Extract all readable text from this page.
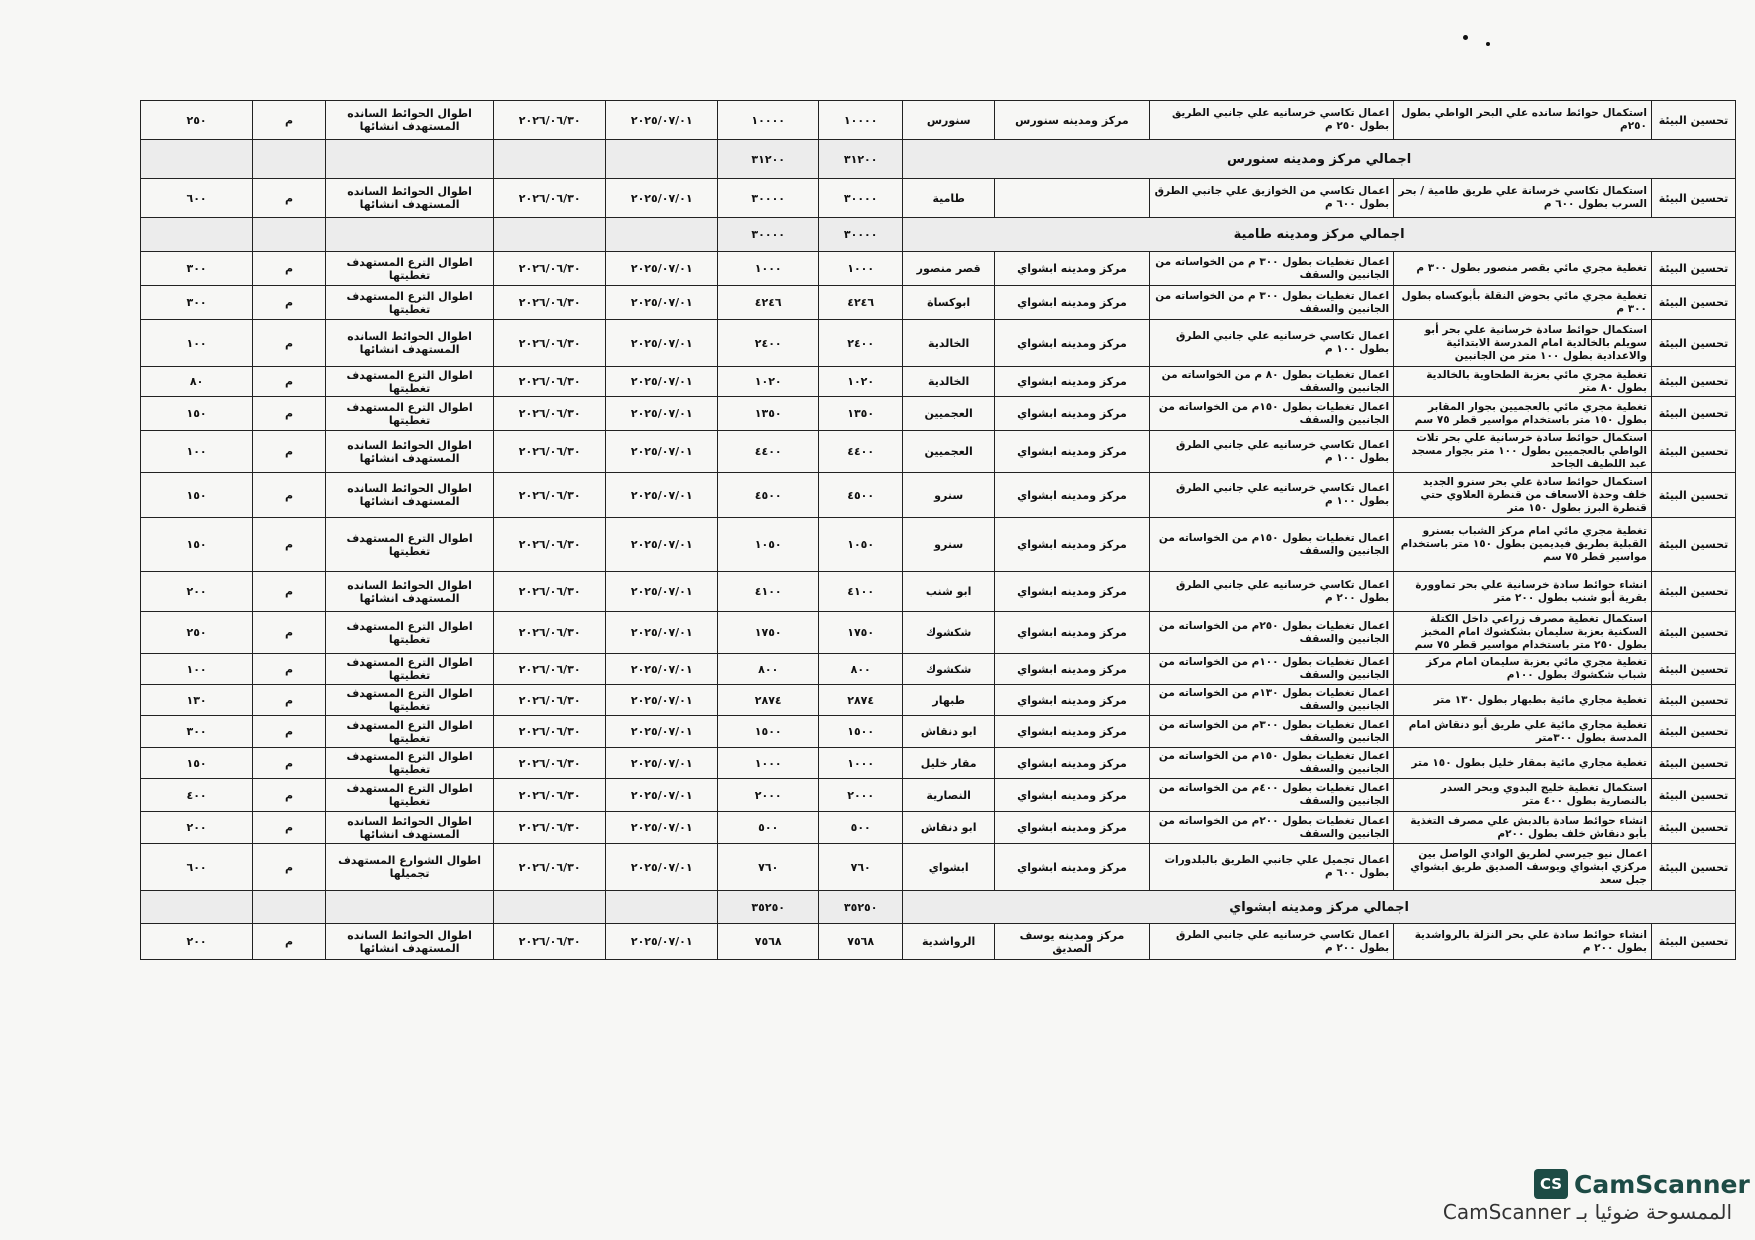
تحسين البيئة	استكمال حوائط سانده علي البحر الواطي بطول ٢٥٠م	اعمال تكاسي خرسانيه علي جانبي الطريق بطول ٢٥٠ م	مركز ومدينه سنورس	سنورس	١٠٠٠٠	١٠٠٠٠	٢٠٢٥/٠٧/٠١	٢٠٢٦/٠٦/٣٠	اطوال الحوائط السانده المستهدف انشائها	م	٢٥٠
اجمالي مركز ومدينه سنورس					٣١٢٠٠	٣١٢٠٠					
تحسين البيئة	استكمال تكاسي خرسانة علي طريق طامية / بحر السرب بطول ٦٠٠ م	اعمال تكاسي من الخوازيق علي جانبي الطرق بطول ٦٠٠ م		طامية	٣٠٠٠٠	٣٠٠٠٠	٢٠٢٥/٠٧/٠١	٢٠٢٦/٠٦/٣٠	اطوال الحوائط السانده المستهدف انشائها	م	٦٠٠
اجمالي مركز ومدينه طامية					٣٠٠٠٠	٣٠٠٠٠					
تحسين البيئة	تغطية مجري مائي بقصر منصور بطول ٣٠٠ م	اعمال تغطيات بطول ٣٠٠ م من الخواساته من الجانبين والسقف	مركز ومدينه ابشواي	قصر منصور	١٠٠٠	١٠٠٠	٢٠٢٥/٠٧/٠١	٢٠٢٦/٠٦/٣٠	اطوال الترع المستهدف تغطيتها	م	٣٠٠
تحسين البيئة	تغطية مجري مائي بحوض النقلة بأبوكساه بطول ٣٠٠ م	اعمال تغطيات بطول ٣٠٠ م من الخواساته من الجانبين والسقف	مركز ومدينه ابشواي	ابوكساة	٤٢٤٦	٤٢٤٦	٢٠٢٥/٠٧/٠١	٢٠٢٦/٠٦/٣٠	اطوال الترع المستهدف تغطيتها	م	٣٠٠
تحسين البيئة	استكمال حوائط سادة خرسانية علي بحر أبو سويلم بالخالدية امام المدرسة الابتدائية والاعدادية بطول ١٠٠ متر من الجانبين	اعمال تكاسي خرسانيه علي جانبي الطرق بطول ١٠٠ م	مركز ومدينه ابشواي	الخالدية	٢٤٠٠	٢٤٠٠	٢٠٢٥/٠٧/٠١	٢٠٢٦/٠٦/٣٠	اطوال الحوائط السانده المستهدف انشائها	م	١٠٠
تحسين البيئة	تغطية مجري مائي بعزبة الطحاوية بالخالدية بطول ٨٠ متر	اعمال تغطيات بطول ٨٠ م من الخواساته من الجانبين والسقف	مركز ومدينه ابشواي	الخالدية	١٠٢٠	١٠٢٠	٢٠٢٥/٠٧/٠١	٢٠٢٦/٠٦/٣٠	اطوال الترع المستهدف تغطيتها	م	٨٠
تحسين البيئة	تغطية مجري مائي بالعجميين بجوار المقابر بطول ١٥٠ متر باستخدام مواسير قطر ٧٥ سم	اعمال تغطيات بطول ١٥٠م من الخواساته من الجانبين والسقف	مركز ومدينه ابشواي	العجميين	١٣٥٠	١٣٥٠	٢٠٢٥/٠٧/٠١	٢٠٢٦/٠٦/٣٠	اطوال الترع المستهدف تغطيتها	م	١٥٠
تحسين البيئة	استكمال حوائط سادة خرسانية علي بحر تلات الواطي بالعجميين بطول ١٠٠ متر بجوار مسجد عبد اللطيف الجاحد	اعمال تكاسي خرسانيه علي جانبي الطرق بطول ١٠٠ م	مركز ومدينه ابشواي	العجميين	٤٤٠٠	٤٤٠٠	٢٠٢٥/٠٧/٠١	٢٠٢٦/٠٦/٣٠	اطوال الحوائط السانده المستهدف انشائها	م	١٠٠
تحسين البيئة	استكمال حوائط سادة علي بحر سنرو الجديد خلف وحدة الاسعاف من قنطرة العلاوي حتي قنطرة البرز بطول ١٥٠ متر	اعمال تكاسي خرسانيه علي جانبي الطرق بطول ١٠٠ م	مركز ومدينه ابشواي	سنرو	٤٥٠٠	٤٥٠٠	٢٠٢٥/٠٧/٠١	٢٠٢٦/٠٦/٣٠	اطوال الحوائط السانده المستهدف انشائها	م	١٥٠
تحسين البيئة	تغطية مجري مائي امام مركز الشباب بسنرو القبلية بطريق فيديمين بطول ١٥٠ متر باستخدام مواسير قطر ٧٥ سم	اعمال تغطيات بطول ١٥٠م من الخواساته من الجانبين والسقف	مركز ومدينه ابشواي	سنرو	١٠٥٠	١٠٥٠	٢٠٢٥/٠٧/٠١	٢٠٢٦/٠٦/٣٠	اطوال الترع المستهدف تغطيتها	م	١٥٠
تحسين البيئة	انشاء حوائط سادة خرسانية علي بحر تماوورة بقرية أبو شنب بطول ٢٠٠ متر	اعمال تكاسي خرسانيه علي جانبي الطرق بطول ٢٠٠ م	مركز ومدينه ابشواي	ابو شنب	٤١٠٠	٤١٠٠	٢٠٢٥/٠٧/٠١	٢٠٢٦/٠٦/٣٠	اطوال الحوائط السانده المستهدف انشائها	م	٢٠٠
تحسين البيئة	استكمال تغطية مصرف زراعي داخل الكتلة السكنية بعزبة سليمان بشكشوك امام المخبز بطول ٢٥٠ متر باستخدام مواسير قطر ٧٥ سم	اعمال تغطيات بطول ٢٥٠م من الخواساته من الجانبين والسقف	مركز ومدينه ابشواي	شكشوك	١٧٥٠	١٧٥٠	٢٠٢٥/٠٧/٠١	٢٠٢٦/٠٦/٣٠	اطوال الترع المستهدف تغطيتها	م	٢٥٠
تحسين البيئة	تغطية مجري مائي بعزبة سليمان امام مركز شباب شكشوك بطول ١٠٠م	اعمال تغطيات بطول ١٠٠م من الخواساته من الجانبين والسقف	مركز ومدينه ابشواي	شكشوك	٨٠٠	٨٠٠	٢٠٢٥/٠٧/٠١	٢٠٢٦/٠٦/٣٠	اطوال الترع المستهدف تغطيتها	م	١٠٠
تحسين البيئة	تغطية مجاري مائية بطبهار بطول ١٣٠ متر	اعمال تغطيات بطول ١٣٠م من الخواساته من الجانبين والسقف	مركز ومدينه ابشواي	طبهار	٢٨٧٤	٢٨٧٤	٢٠٢٥/٠٧/٠١	٢٠٢٦/٠٦/٣٠	اطوال الترع المستهدف تغطيتها	م	١٣٠
تحسين البيئة	تغطية مجاري مائية علي طريق أبو دنقاش امام المدسة بطول ٣٠٠متر	اعمال تغطيات بطول ٣٠٠م من الخواساته من الجانبين والسقف	مركز ومدينه ابشواي	ابو دنقاش	١٥٠٠	١٥٠٠	٢٠٢٥/٠٧/٠١	٢٠٢٦/٠٦/٣٠	اطوال الترع المستهدف تغطيتها	م	٣٠٠
تحسين البيئة	تغطية مجاري مائية بمقار خليل بطول ١٥٠ متر	اعمال تغطيات بطول ١٥٠م من الخواساته من الجانبين والسقف	مركز ومدينه ابشواي	مقار خليل	١٠٠٠	١٠٠٠	٢٠٢٥/٠٧/٠١	٢٠٢٦/٠٦/٣٠	اطوال الترع المستهدف تغطيتها	م	١٥٠
تحسين البيئة	استكمال تغطية خليج البدوي وبحر السدر بالنصارية بطول ٤٠٠ متر	اعمال تغطيات بطول ٤٠٠م من الخواساته من الجانبين والسقف	مركز ومدينه ابشواي	النصارية	٢٠٠٠	٢٠٠٠	٢٠٢٥/٠٧/٠١	٢٠٢٦/٠٦/٣٠	اطوال الترع المستهدف تغطيتها	م	٤٠٠
تحسين البيئة	انشاء حوائط سادة بالدبش علي مصرف التغذية بأبو دنقاش خلف بطول ٢٠٠م	اعمال تغطيات بطول ٢٠٠م من الخواساته من الجانبين والسقف	مركز ومدينه ابشواي	ابو دنقاش	٥٠٠	٥٠٠	٢٠٢٥/٠٧/٠١	٢٠٢٦/٠٦/٣٠	اطوال الحوائط السانده المستهدف انشائها	م	٢٠٠
تحسين البيئة	اعمال نيو جيرسي لطريق الوادي الواصل بين مركزي ابشواي ويوسف الصديق طريق ابشواي جبل سعد	اعمال تجميل علي جانبي الطريق بالبلدورات بطول ٦٠٠ م	مركز ومدينه ابشواي	ابشواي	٧٦٠	٧٦٠	٢٠٢٥/٠٧/٠١	٢٠٢٦/٠٦/٣٠	اطوال الشوارع المستهدف تجميلها	م	٦٠٠
اجمالي مركز ومدينه ابشواي					٣٥٢٥٠	٣٥٢٥٠					
تحسين البيئة	انشاء حوائط سادة علي بحر النزلة بالرواشدية بطول ٢٠٠ م	اعمال تكاسي خرسانيه علي جانبي الطرق بطول ٢٠٠ م	مركز ومدينه يوسف الصديق	الرواشدية	٧٥٦٨	٧٥٦٨	٢٠٢٥/٠٧/٠١	٢٠٢٦/٠٦/٣٠	اطوال الحوائط السانده المستهدف انشائها	م	٢٠٠
CS CamScanner
الممسوحة ضوئيا بـ CamScanner
